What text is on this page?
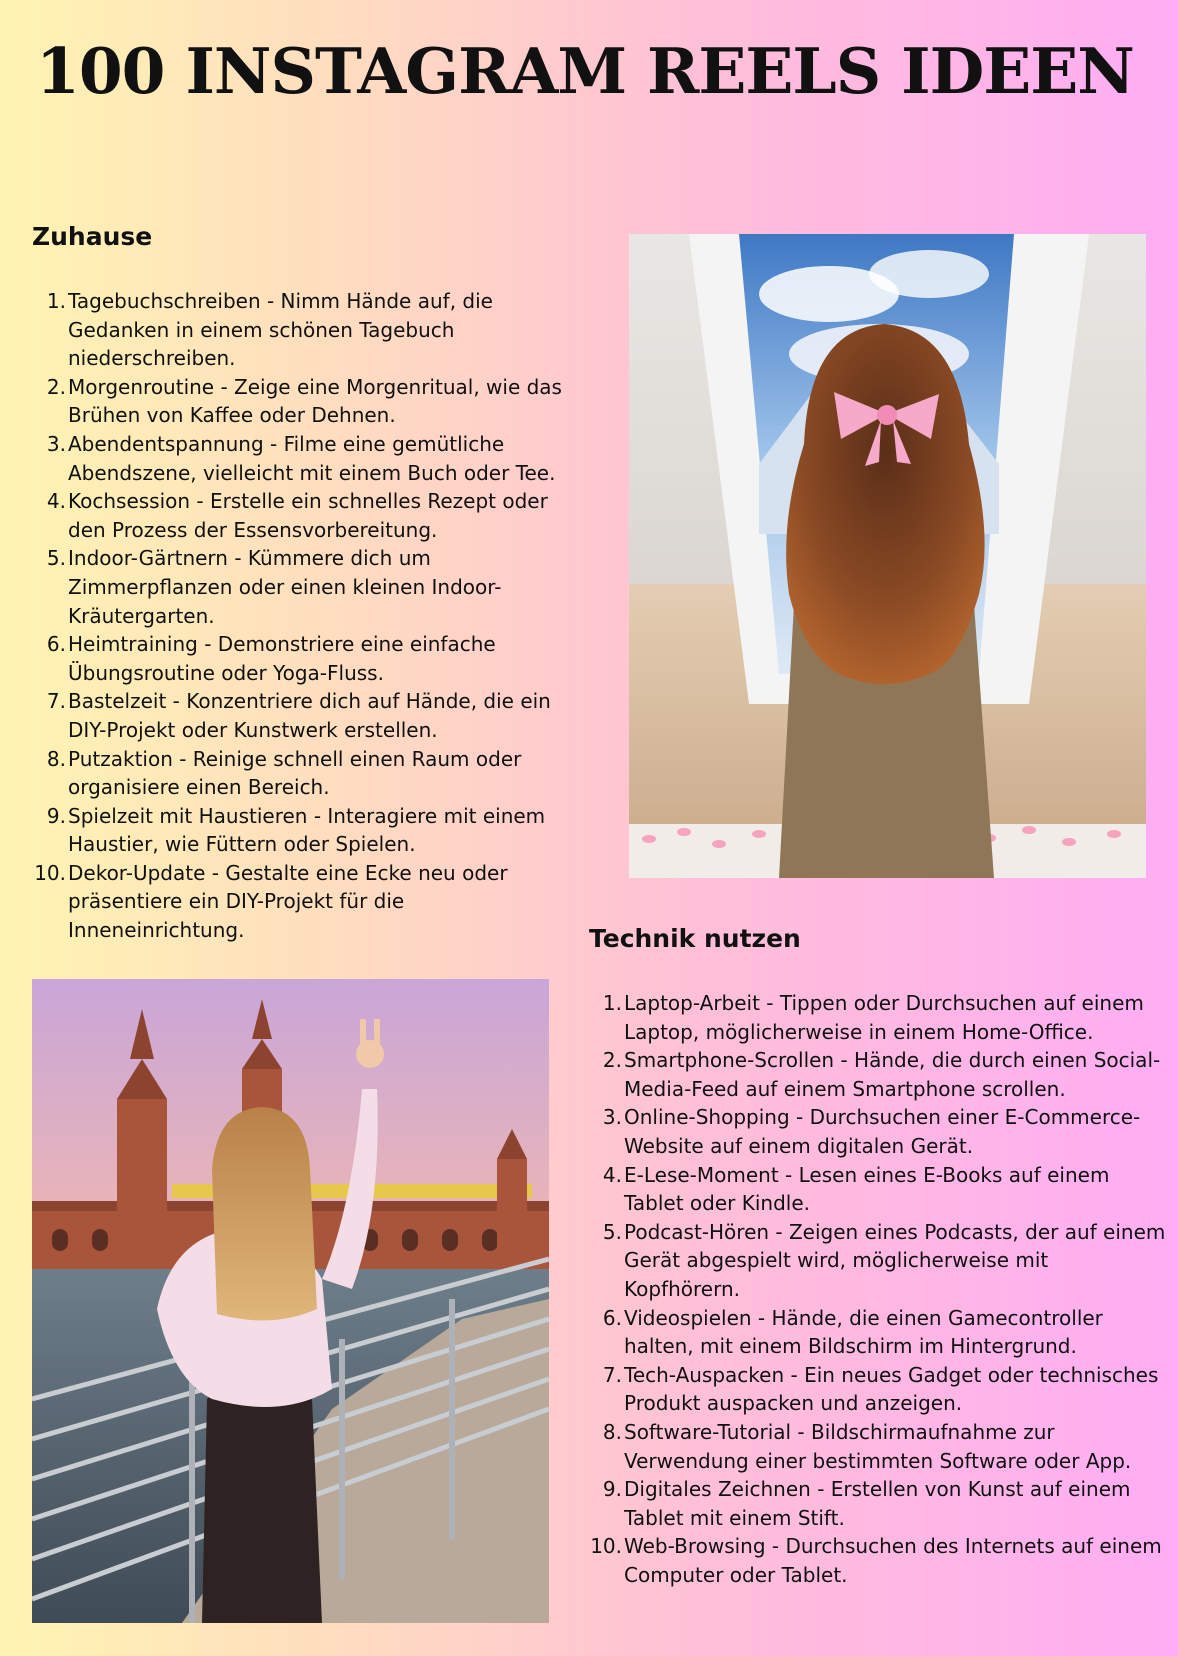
100 INSTAGRAM REELS IDEEN
Zuhause
1. Tagebuchschreiben - Nimm Hände auf, die Gedanken in einem schönen Tagebuch niederschreiben.
2. Morgenroutine - Zeige eine Morgenritual, wie das Brühen von Kaffee oder Dehnen.
3. Abendentspannung - Filme eine gemütliche Abendszene, vielleicht mit einem Buch oder Tee.
4. Kochsession - Erstelle ein schnelles Rezept oder den Prozess der Essensvorbereitung.
5. Indoor-Gärtnern - Kümmere dich um Zimmerpflanzen oder einen kleinen Indoor-Kräutergarten.
6. Heimtraining - Demonstriere eine einfache Übungsroutine oder Yoga-Fluss.
7. Bastelzeit - Konzentriere dich auf Hände, die ein DIY-Projekt oder Kunstwerk erstellen.
8. Putzaktion - Reinige schnell einen Raum oder organisiere einen Bereich.
9. Spielzeit mit Haustieren - Interagiere mit einem Haustier, wie Füttern oder Spielen.
10. Dekor-Update - Gestalte eine Ecke neu oder präsentiere ein DIY-Projekt für die Inneneinrichtung.	Technik nutzen
1. Laptop-Arbeit - Tippen oder Durchsuchen auf einem Laptop, möglicherweise in einem Home-Office.
2. Smartphone-Scrollen - Hände, die durch einen Social-Media-Feed auf einem Smartphone scrollen.
3. Online-Shopping - Durchsuchen einer E-Commerce-Website auf einem digitalen Gerät.
4. E-Lese-Moment - Lesen eines E-Books auf einem Tablet oder Kindle.
5. Podcast-Hören - Zeigen eines Podcasts, der auf einem Gerät abgespielt wird, möglicherweise mit Kopfhörern.
6. Videospielen - Hände, die einen Gamecontroller halten, mit einem Bildschirm im Hintergrund.
7. Tech-Auspacken - Ein neues Gadget oder technisches Produkt auspacken und anzeigen.
8. Software-Tutorial - Bildschirmaufnahme zur Verwendung einer bestimmten Software oder App.
9. Digitales Zeichnen - Erstellen von Kunst auf einem Tablet mit einem Stift.
10. Web-Browsing - Durchsuchen des Internets auf einem Computer oder Tablet.
